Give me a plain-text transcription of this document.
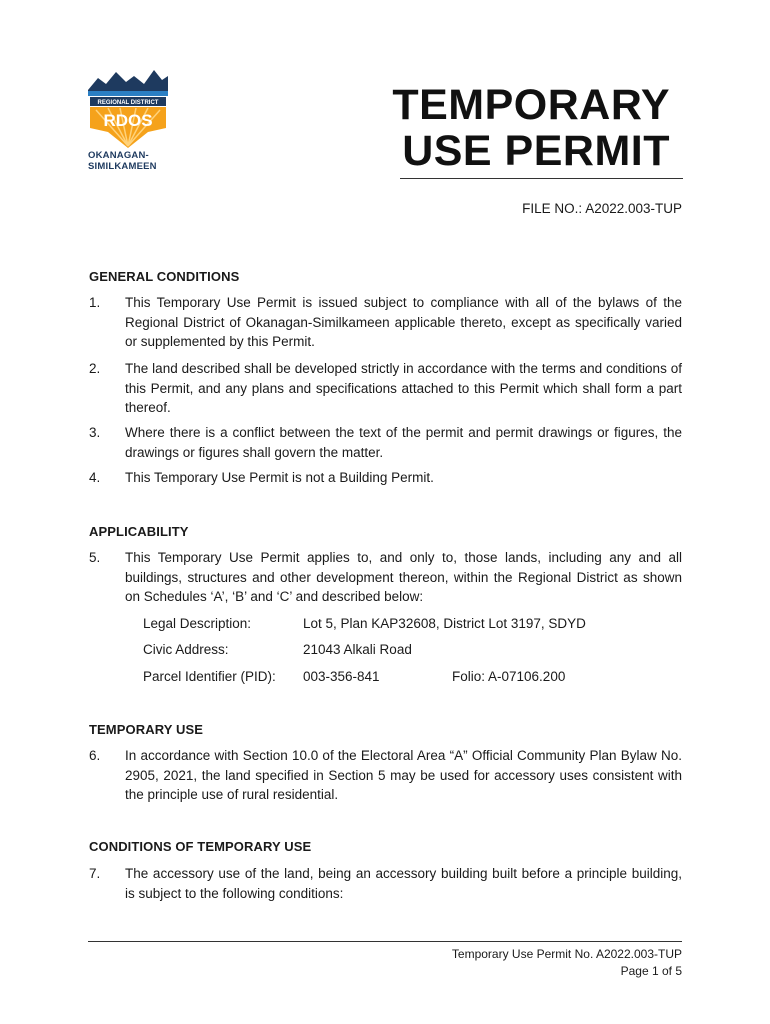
REGIONAL DISTRICT
RDOS
OKANAGAN-
SIMILKAMEEN
TEMPORARY
USE PERMIT
FILE NO.: A2022.003-TUP
GENERAL CONDITIONS
1. This Temporary Use Permit is issued subject to compliance with all of the bylaws of the Regional District of Okanagan-Similkameen applicable thereto, except as specifically varied or supplemented by this Permit.
2. The land described shall be developed strictly in accordance with the terms and conditions of this Permit, and any plans and specifications attached to this Permit which shall form a part thereof.
3. Where there is a conflict between the text of the permit and permit drawings or figures, the drawings or figures shall govern the matter.
4. This Temporary Use Permit is not a Building Permit.
APPLICABILITY
5. This Temporary Use Permit applies to, and only to, those lands, including any and all buildings, structures and other development thereon, within the Regional District as shown on Schedules ‘A’, ‘B’ and ‘C’ and described below:
Legal Description:	Lot 5, Plan KAP32608, District Lot 3197, SDYD
Civic Address:	21043 Alkali Road
Parcel Identifier (PID): 003-356-841	Folio: A-07106.200
TEMPORARY USE
6. In accordance with Section 10.0 of the Electoral Area “A” Official Community Plan Bylaw No. 2905, 2021, the land specified in Section 5 may be used for accessory uses consistent with the principle use of rural residential.
CONDITIONS OF TEMPORARY USE
7. The accessory use of the land, being an accessory building built before a principle building, is subject to the following conditions:
Temporary Use Permit No. A2022.003-TUP
Page 1 of 5
